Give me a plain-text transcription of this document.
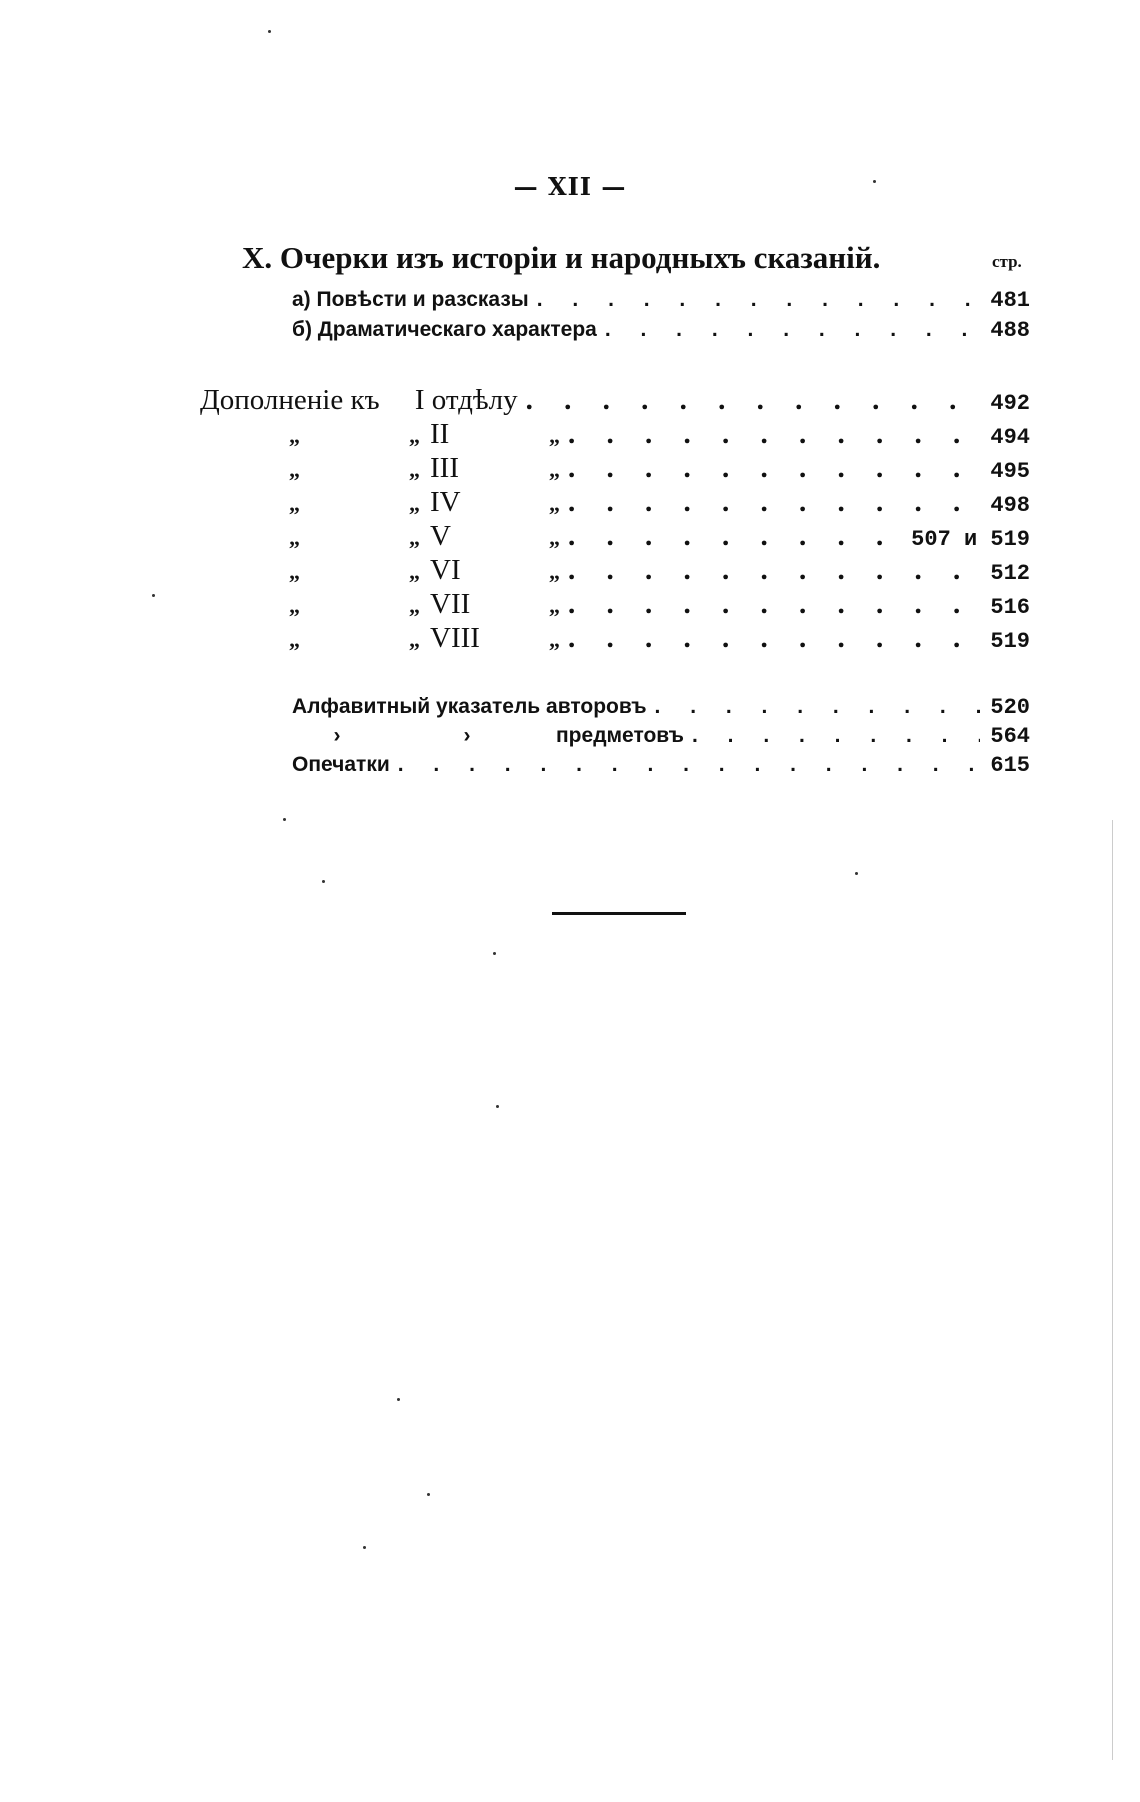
— XII —
X. Очерки изъ исторіи и народныхъ сказаній.	стр.
а) Повѣсти и разсказы . . .	481
б) Драматическаго характера . . .	488
Дополненіе къ I отдѣлу . . .	492
„	„ II	„ . . .	494
„	„ III	„ . . .	495
„	„ IV	„ . . .	498
„	„ V	„ . . .	507 и 519
„	„ VI	„ . . .	512
„	„ VII	„ . . .	516
„	„ VIII	„ . . .	519
Алфавитный указатель авторовъ . . .	520
›	›	предметовъ . . .	564
Опечатки . . .	615
